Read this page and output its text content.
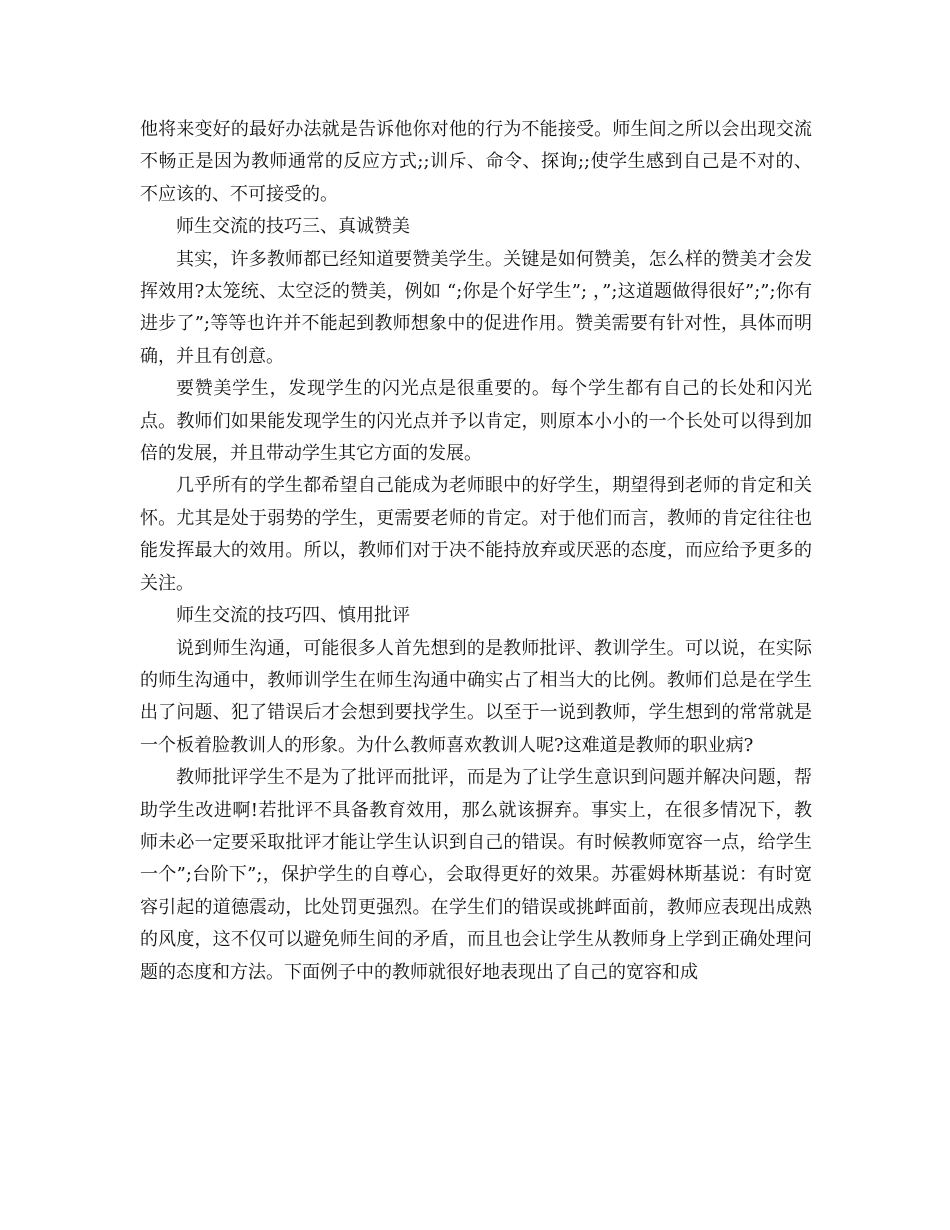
他将来变好的最好办法就是告诉他你对他的行为不能接受。师生间之所以会出现交流不畅正是因为教师通常的反应方式;;训斥、命令、探询;;使学生感到自己是不对的、不应该的、不可接受的。

师生交流的技巧三、真诚赞美

其实，许多教师都已经知道要赞美学生。关键是如何赞美，怎么样的赞美才会发挥效用?太笼统、太空泛的赞美，例如 “;你是个好学生”; ，”;这道题做得很好”;”;你有进步了”;等等也许并不能起到教师想象中的促进作用。赞美需要有针对性，具体而明确，并且有创意。

要赞美学生，发现学生的闪光点是很重要的。每个学生都有自己的长处和闪光点。教师们如果能发现学生的闪光点并予以肯定，则原本小小的一个长处可以得到加倍的发展，并且带动学生其它方面的发展。

几乎所有的学生都希望自己能成为老师眼中的好学生，期望得到老师的肯定和关怀。尤其是处于弱势的学生，更需要老师的肯定。对于他们而言，教师的肯定往往也能发挥最大的效用。所以，教师们对于决不能持放弃或厌恶的态度，而应给予更多的关注。

师生交流的技巧四、慎用批评

说到师生沟通，可能很多人首先想到的是教师批评、教训学生。可以说，在实际的师生沟通中，教师训学生在师生沟通中确实占了相当大的比例。教师们总是在学生出了问题、犯了错误后才会想到要找学生。以至于一说到教师，学生想到的常常就是一个板着脸教训人的形象。为什么教师喜欢教训人呢?这难道是教师的职业病?

教师批评学生不是为了批评而批评，而是为了让学生意识到问题并解决问题，帮助学生改进啊!若批评不具备教育效用，那么就该摒弃。事实上，在很多情况下，教师未必一定要采取批评才能让学生认识到自己的错误。有时候教师宽容一点，给学生一个”;台阶下”;，保护学生的自尊心，会取得更好的效果。苏霍姆林斯基说：有时宽容引起的道德震动，比处罚更强烈。在学生们的错误或挑衅面前，教师应表现出成熟的风度，这不仅可以避免师生间的矛盾，而且也会让学生从教师身上学到正确处理问题的态度和方法。下面例子中的教师就很好地表现出了自己的宽容和成
